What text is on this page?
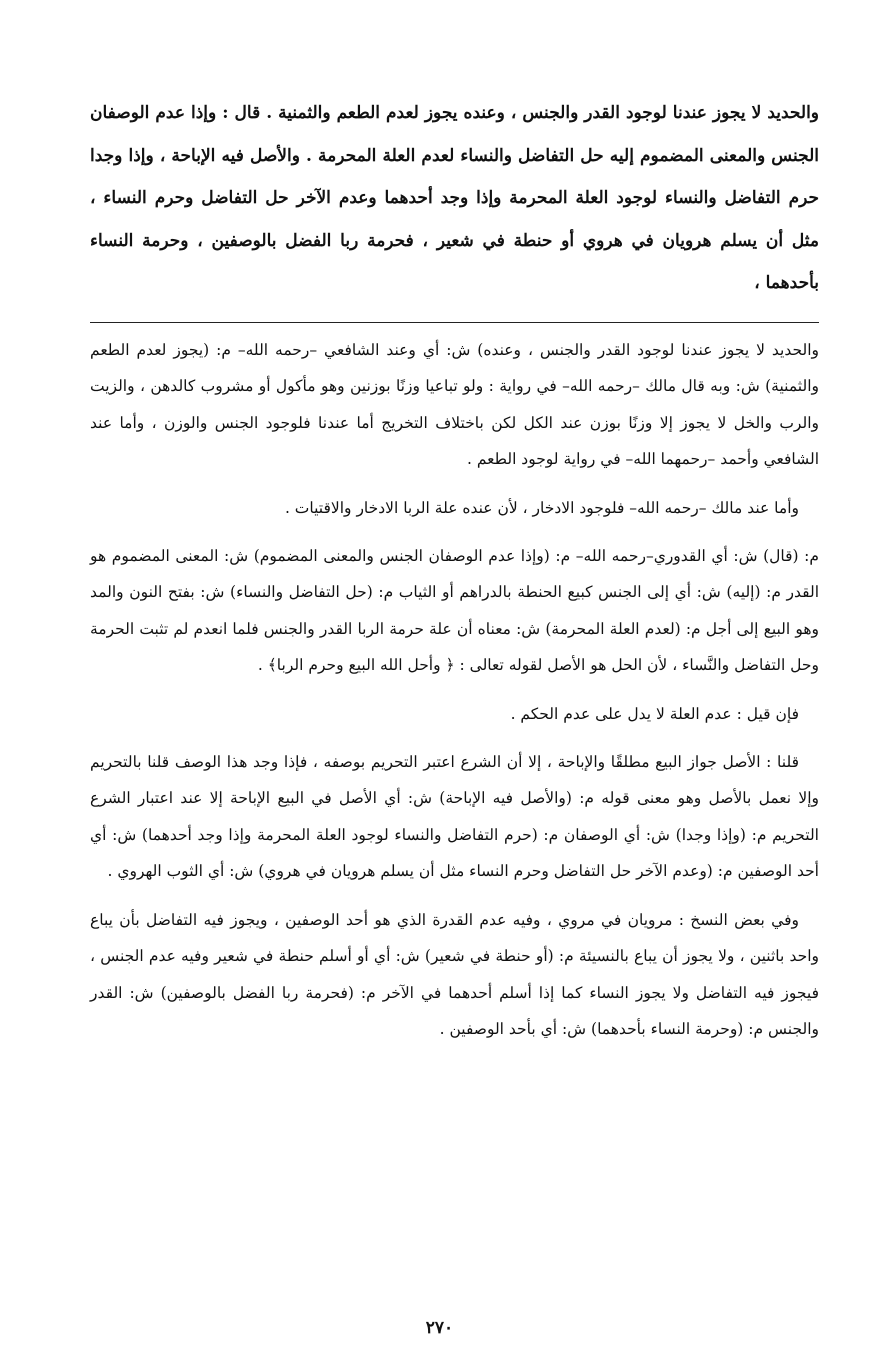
والحديد لا يجوز عندنا لوجود القدر والجنس ، وعنده يجوز لعدم الطعم والثمنية . قال : وإذا عدم الوصفان الجنس والمعنى المضموم إليه حل التفاضل والنساء لعدم العلة المحرمة . والأصل فيه الإباحة ، وإذا وجدا حرم التفاضل والنساء لوجود العلة المحرمة وإذا وجد أحدهما وعدم الآخر حل التفاضل وحرم النساء ، مثل أن يسلم هرويان في هروي أو حنطة في شعير ، فحرمة ربا الفضل بالوصفين ، وحرمة النساء بأحدهما ،

والحديد لا يجوز عندنا لوجود القدر والجنس ، وعنده) ش: أي وعند الشافعي –رحمه الله– م: (يجوز لعدم الطعم والثمنية) ش: وبه قال مالك –رحمه الله– في رواية : ولو تباعيا وزنًا بوزنين وهو مأكول أو مشروب كالدهن ، والزيت والرب والخل لا يجوز إلا وزنًا بوزن عند الكل لكن باختلاف التخريج أما عندنا فلوجود الجنس والوزن ، وأما عند الشافعي وأحمد –رحمهما الله– في رواية لوجود الطعم .

وأما عند مالك –رحمه الله– فلوجود الادخار ، لأن عنده علة الربا الادخار والاقتيات .

م: (قال) ش: أي القدوري–رحمه الله– م: (وإذا عدم الوصفان الجنس والمعنى المضموم) ش: المعنى المضموم هو القدر م: (إليه) ش: أي إلى الجنس كبيع الحنطة بالدراهم أو الثياب م: (حل التفاضل والنساء) ش: بفتح النون والمد وهو البيع إلى أجل م: (لعدم العلة المحرمة) ش: معناه أن علة حرمة الربا القدر والجنس فلما انعدم لم تثبت الحرمة وحل التفاضل والنَّساء ، لأن الحل هو الأصل لقوله تعالى : ﴿ وأحل الله البيع وحرم الربا﴾ .

فإن قيل : عدم العلة لا يدل على عدم الحكم .

قلنا : الأصل جواز البيع مطلقًا والإباحة ، إلا أن الشرع اعتبر التحريم بوصفه ، فإذا وجد هذا الوصف قلنا بالتحريم وإلا نعمل بالأصل وهو معنى قوله م: (والأصل فيه الإباحة) ش: أي الأصل في البيع الإباحة إلا عند اعتبار الشرع التحريم م: (وإذا وجدا) ش: أي الوصفان م: (حرم التفاضل والنساء لوجود العلة المحرمة وإذا وجد أحدهما) ش: أي أحد الوصفين م: (وعدم الآخر حل التفاضل وحرم النساء مثل أن يسلم هرويان في هروي) ش: أي الثوب الهروي .

وفي بعض النسخ : مرويان في مروي ، وفيه عدم القدرة الذي هو أحد الوصفين ، ويجوز فيه التفاضل بأن يباع واحد باثنين ، ولا يجوز أن يباع بالنسيئة م: (أو حنطة في شعير) ش: أي أو أسلم حنطة في شعير وفيه عدم الجنس ، فيجوز فيه التفاضل ولا يجوز النساء كما إذا أسلم أحدهما في الآخر م: (فحرمة ربا الفضل بالوصفين) ش: القدر والجنس م: (وحرمة النساء بأحدهما) ش: أي بأحد الوصفين .

٢٧٠
